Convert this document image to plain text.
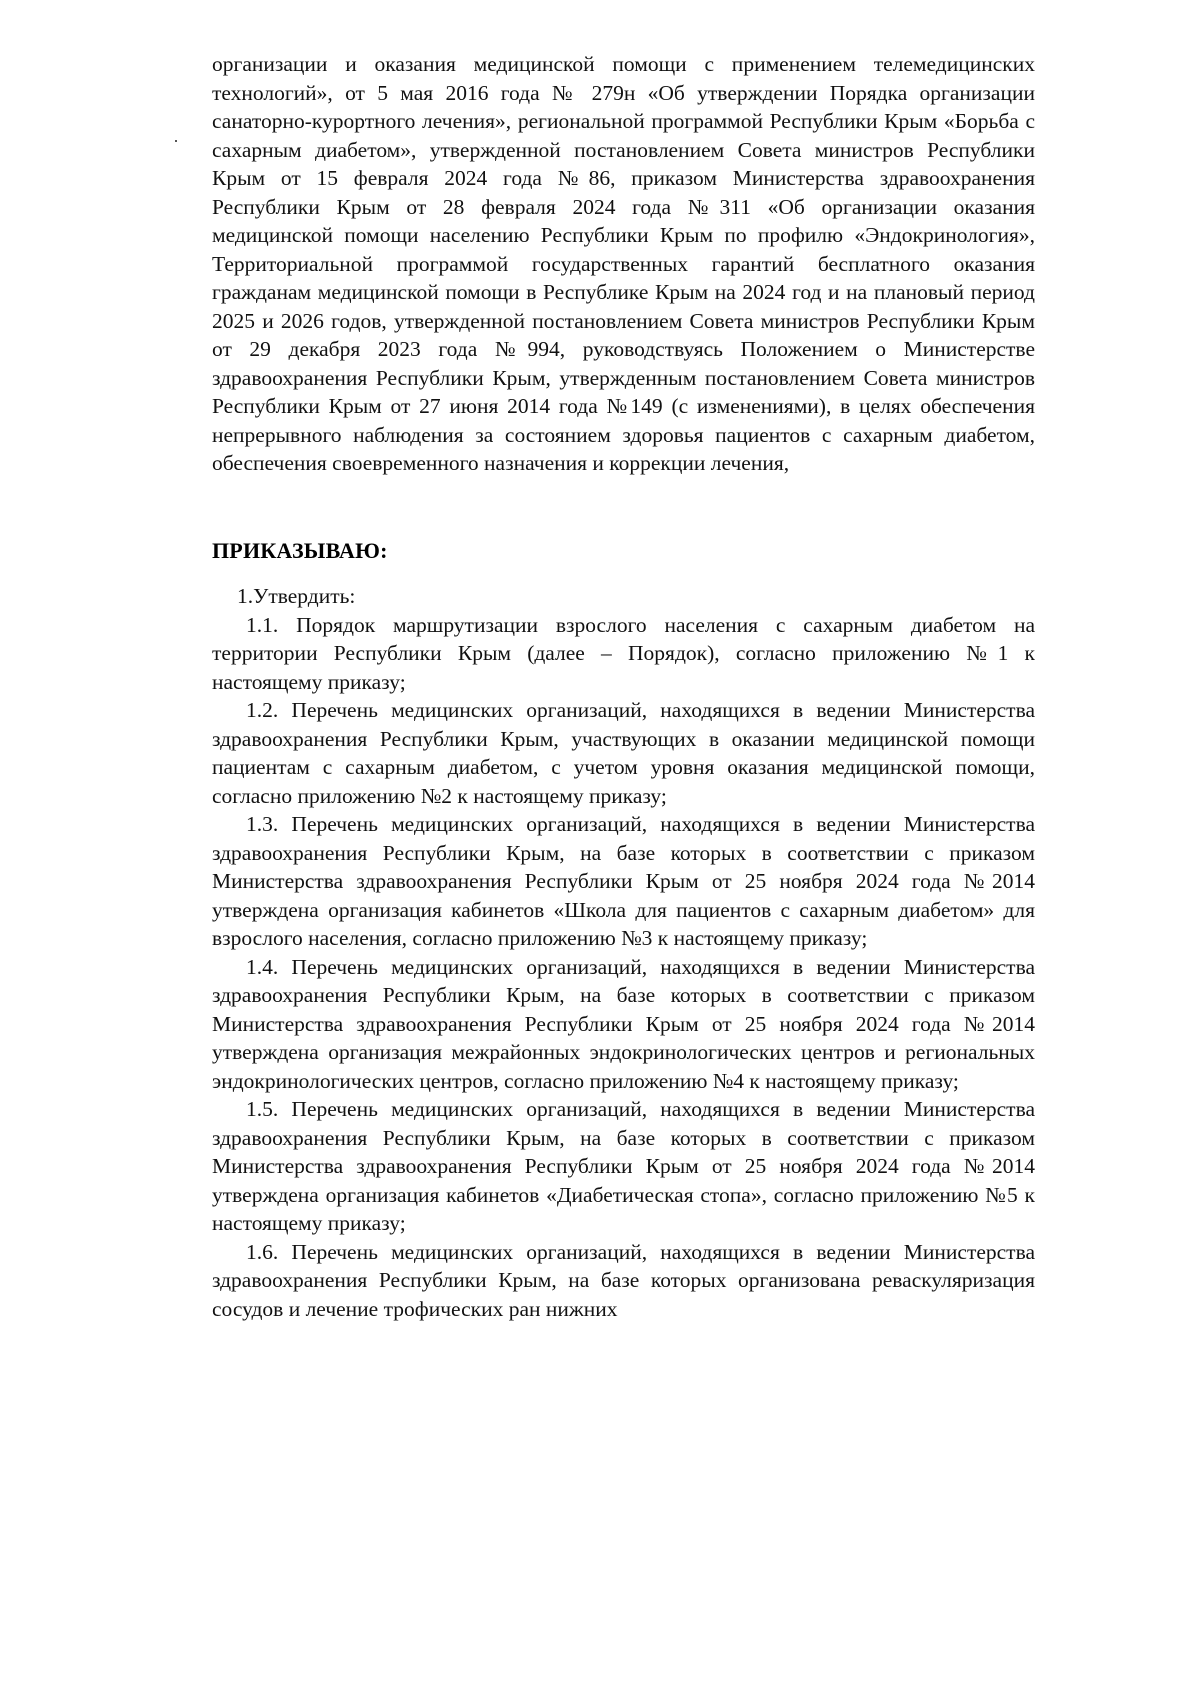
организации и оказания медицинской помощи с применением телемедицинских технологий», от 5 мая 2016 года № 279н «Об утверждении Порядка организации санаторно-курортного лечения», региональной программой Республики Крым «Борьба с сахарным диабетом», утвержденной постановлением Совета министров Республики Крым от 15 февраля 2024 года №86, приказом Министерства здравоохранения Республики Крым от 28 февраля 2024 года №311 «Об организации оказания медицинской помощи населению Республики Крым по профилю «Эндокринология», Территориальной программой государственных гарантий бесплатного оказания гражданам медицинской помощи в Республике Крым на 2024 год и на плановый период 2025 и 2026 годов, утвержденной постановлением Совета министров Республики Крым от 29 декабря 2023 года №994, руководствуясь Положением о Министерстве здравоохранения Республики Крым, утвержденным постановлением Совета министров Республики Крым от 27 июня 2014 года №149 (с изменениями), в целях обеспечения непрерывного наблюдения за состоянием здоровья пациентов с сахарным диабетом, обеспечения своевременного назначения и коррекции лечения,
ПРИКАЗЫВАЮ:

1.Утвердить:

1.1. Порядок маршрутизации взрослого населения с сахарным диабетом на территории Республики Крым (далее – Порядок), согласно приложению №1 к настоящему приказу;

1.2. Перечень медицинских организаций, находящихся в ведении Министерства здравоохранения Республики Крым, участвующих в оказании медицинской помощи пациентам с сахарным диабетом, с учетом уровня оказания медицинской помощи, согласно приложению №2 к настоящему приказу;

1.3. Перечень медицинских организаций, находящихся в ведении Министерства здравоохранения Республики Крым, на базе которых в соответствии с приказом Министерства здравоохранения Республики Крым от 25 ноября 2024 года №2014 утверждена организация кабинетов «Школа для пациентов с сахарным диабетом» для взрослого населения, согласно приложению №3 к настоящему приказу;

1.4. Перечень медицинских организаций, находящихся в ведении Министерства здравоохранения Республики Крым, на базе которых в соответствии с приказом Министерства здравоохранения Республики Крым от 25 ноября 2024 года №2014 утверждена организация межрайонных эндокринологических центров и региональных эндокринологических центров, согласно приложению №4 к настоящему приказу;

1.5. Перечень медицинских организаций, находящихся в ведении Министерства здравоохранения Республики Крым, на базе которых в соответствии с приказом Министерства здравоохранения Республики Крым от 25 ноября 2024 года №2014 утверждена организация кабинетов «Диабетическая стопа», согласно приложению №5 к настоящему приказу;

1.6. Перечень медицинских организаций, находящихся в ведении Министерства здравоохранения Республики Крым, на базе которых организована реваскуляризация сосудов и лечение трофических ран нижних
